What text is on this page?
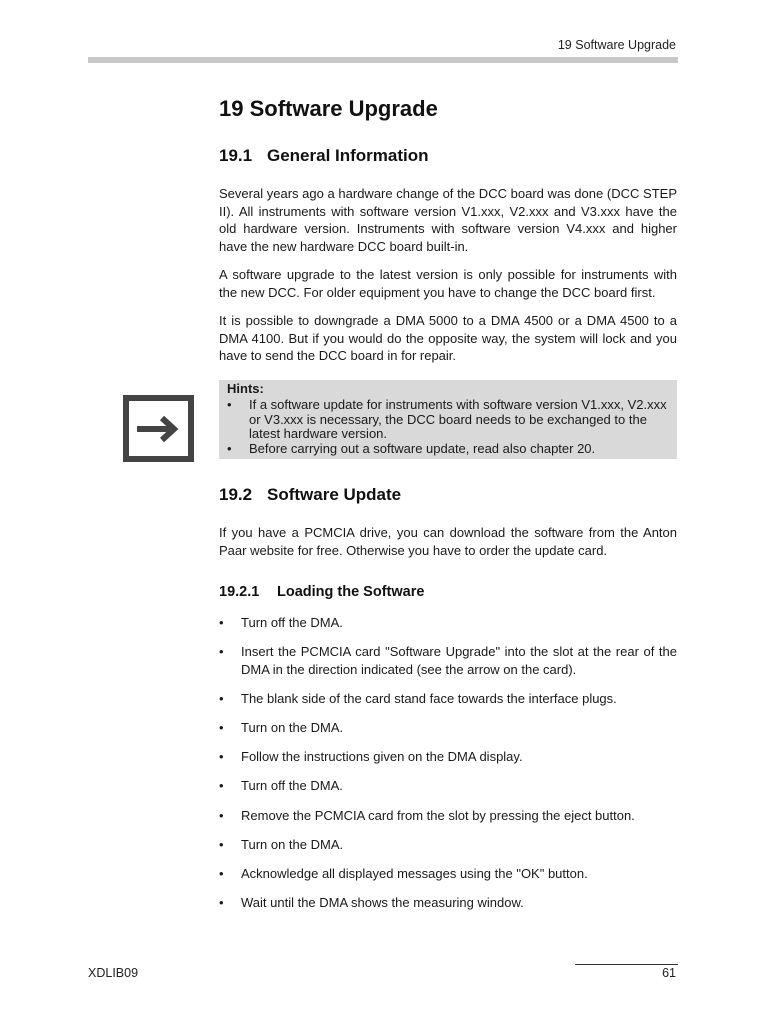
19 Software Upgrade
19 Software Upgrade
19.1 General Information

Several years ago a hardware change of the DCC board was done (DCC STEP II). All instruments with software version V1.xxx, V2.xxx and V3.xxx have the old hardware version. Instruments with software version V4.xxx and higher have the new hardware DCC board built-in.

A software upgrade to the latest version is only possible for instruments with the new DCC. For older equipment you have to change the DCC board first.

It is possible to downgrade a DMA 5000 to a DMA 4500 or a DMA 4500 to a DMA 4100. But if you would do the opposite way, the system will lock and you have to send the DCC board in for repair.

Hints:
• If a software update for instruments with software version V1.xxx, V2.xxx or V3.xxx is necessary, the DCC board needs to be exchanged to the latest hardware version.
• Before carrying out a software update, read also chapter 20.
19.2 Software Update

If you have a PCMCIA drive, you can download the software from the Anton Paar website for free. Otherwise you have to order the update card.

19.2.1 Loading the Software
• Turn off the DMA.
• Insert the PCMCIA card "Software Upgrade" into the slot at the rear of the DMA in the direction indicated (see the arrow on the card).
• The blank side of the card stand face towards the interface plugs.
• Turn on the DMA.
• Follow the instructions given on the DMA display.
• Turn off the DMA.
• Remove the PCMCIA card from the slot by pressing the eject button.
• Turn on the DMA.
• Acknowledge all displayed messages using the "OK" button.
• Wait until the DMA shows the measuring window.
XDLIB09	61
